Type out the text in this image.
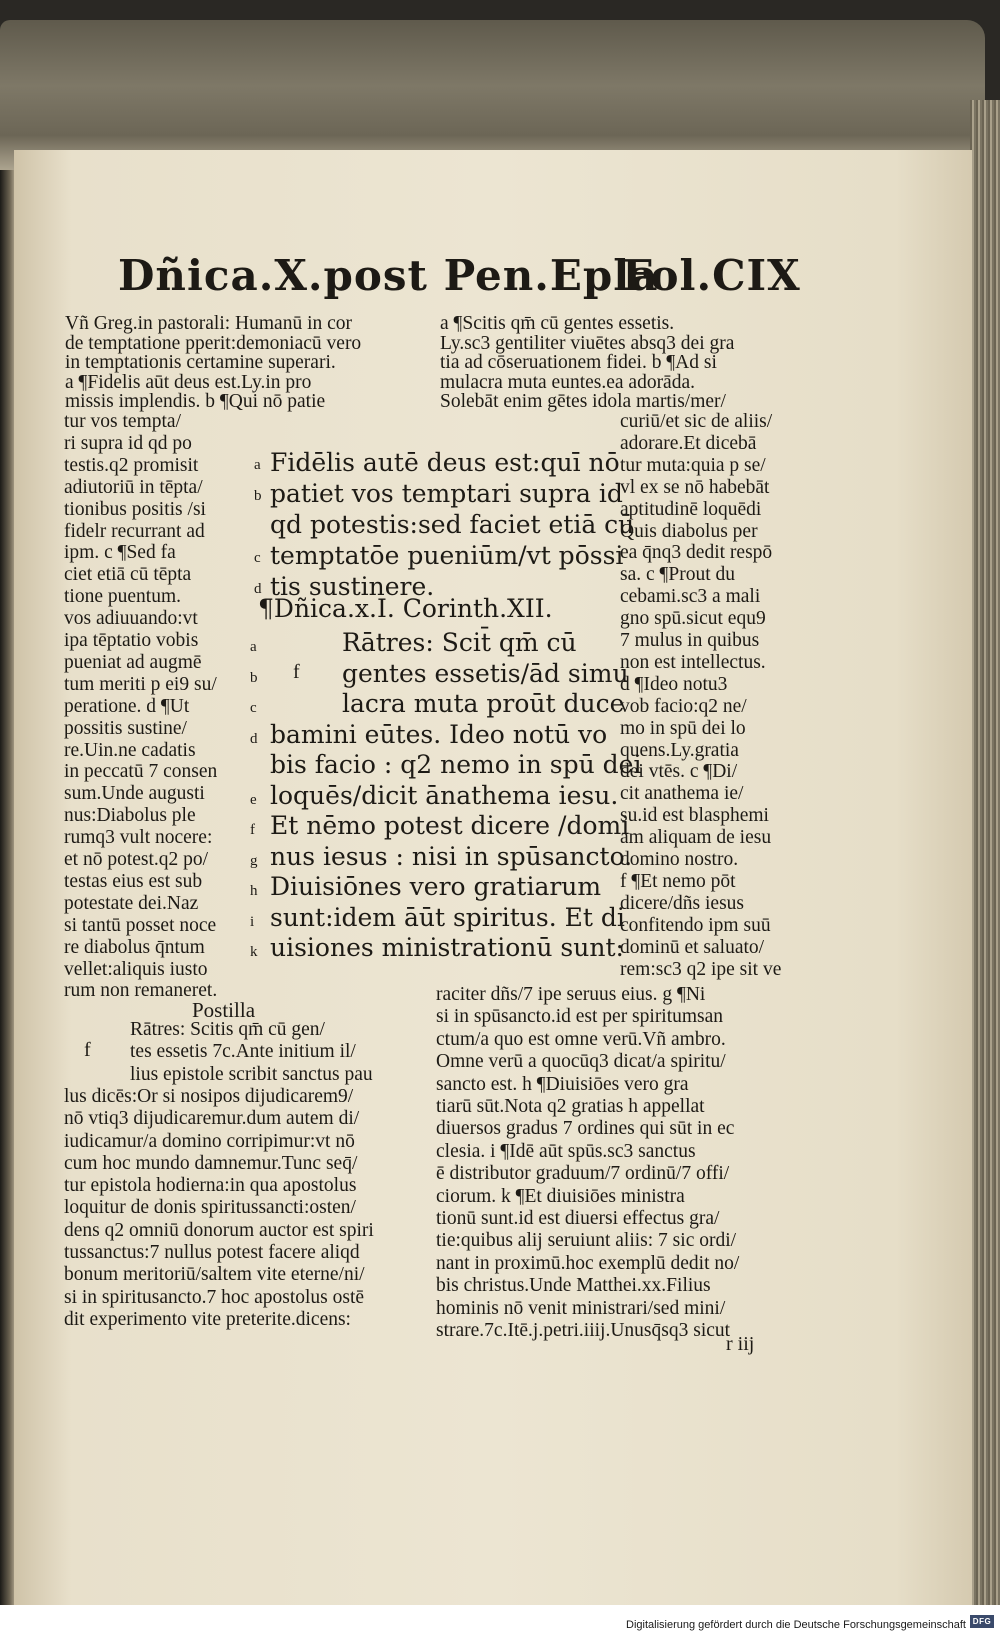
Dñica.X.post Pen.Epla
Fol.CIX
Vñ Greg.in pastorali: Humanū in cor
de temptatione pperit:demoniacū vero
in temptationis certamine superari.
a ¶Fidelis aūt deus est.Ly.in pro
missis implendis. b ¶Qui nō patie
a ¶Scitis qm̄ cū gentes essetis.
Ly.sc3 gentiliter viuētes absq3 dei gra
tia ad cōseruationem fidei. b ¶Ad si
mulacra muta euntes.ea adorāda.
Solebāt enim gētes idola martis/mer/
tur vos tempta/
ri supra id qd po
testis.q2 promisit
adiutoriū in tēpta/
tionibus positis /si
fidelr recurrant ad
ipm. c ¶Sed fa
ciet etiā cū tēpta
tione puentum.
vos adiuuando:vt
ipa tēptatio vobis
pueniat ad augmē
tum meriti p ei9 su/
peratione. d ¶Ut
possitis sustine/
re.Uin.ne cadatis
in peccatū 7 consen
sum.Unde augusti
nus:Diabolus ple
rumq3 vult nocere:
et nō potest.q2 po/
testas eius est sub
potestate dei.Naz
si tantū posset noce
re diabolus q̄ntum
vellet:aliquis iusto
rum non remaneret.
curiū/et sic de aliis/
adorare.Et dicebā
tur muta:quia p se/
vl ex se nō habebāt
aptitudinē loquēdi
Quis diabolus per
ea q̄nq3 dedit respō
sa. c ¶Prout du
cebami.sc3 a mali
gno spū.sicut equ9
7 mulus in quibus
non est intellectus.
d ¶Ideo notu3
vob facio:q2 ne/
mo in spū dei lo
quens.Ly.gratia
dei vtēs. c ¶Di/
cit anathema ie/
su.id est blasphemi
am aliquam de iesu
domino nostro.
f ¶Et nemo pōt
dicere/dñs iesus
confitendo ipm suū
dominū et saluato/
rem:sc3 q2 ipe sit ve
Fidēlis autē deus est:quī nō
patiet vos temptari supra id
qd potestis:sed faciet etiā cū
temptatōe pueniūm/vt pōssi
tis sustinere.
a
b
c
d
¶Dñica.x.I. Corinth.XII.
Rātres: Scit̄ qm̄ cū
gentes essetis/ād simu
lacra muta proūt duce
bamini eūtes. Ideo notū vo
bis facio : q2 nemo in spū dei
loquēs/dicit ānathema iesu.
Et nēmo potest dicere /domi
nus iesus : nisi in spūsancto.
Diuisiōnes vero gratiarum
sunt:idem āūt spiritus. Et di
uisiones ministrationū sunt:
a
b
c
d
e
f
g
h
i
k
f
Postilla
f
Rātres: Scitis qm̄ cū gen/
tes essetis 7c.Ante initium il/
lius epistole scribit sanctus pau
lus dicēs:Or si nosipos dijudicarem9/
nō vtiq3 dijudicaremur.dum autem di/
iudicamur/a domino corripimur:vt nō
cum hoc mundo damnemur.Tunc seq̄/
tur epistola hodierna:in qua apostolus
loquitur de donis spiritussancti:osten/
dens q2 omniū donorum auctor est spiri
tussanctus:7 nullus potest facere aliqd
bonum meritoriū/saltem vite eterne/ni/
si in spiritusancto.7 hoc apostolus ostē
dit experimento vite preterite.dicens:
raciter dñs/7 ipe seruus eius. g ¶Ni
si in spūsancto.id est per spiritumsan
ctum/a quo est omne verū.Vñ ambro.
Omne verū a quocūq3 dicat/a spiritu/
sancto est. h ¶Diuisiōes vero gra
tiarū sūt.Nota q2 gratias h appellat
diuersos gradus 7 ordines qui sūt in ec
clesia. i ¶Idē aūt spūs.sc3 sanctus
ē distributor graduum/7 ordinū/7 offi/
ciorum. k ¶Et diuisiōes ministra
tionū sunt.id est diuersi effectus gra/
tie:quibus alij seruiunt aliis: 7 sic ordi/
nant in proximū.hoc exemplū dedit no/
bis christus.Unde Matthei.xx.Filius
hominis nō venit ministrari/sed mini/
strare.7c.Itē.j.petri.iiij.Unusq̄sq3 sicut
r iij
Digitalisierung gefördert durch die Deutsche Forschungsgemeinschaft DFG
